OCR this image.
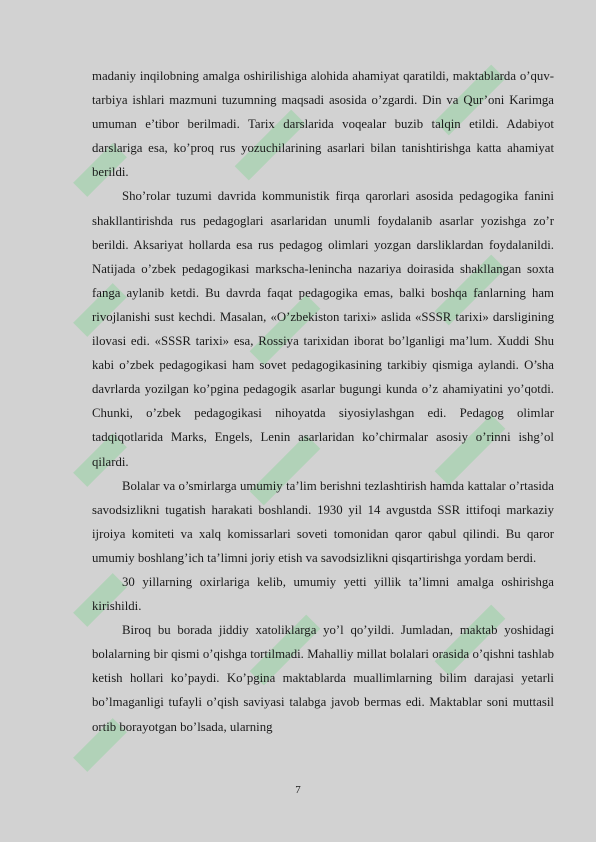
madaniy inqilobning amalga oshirilishiga alohida ahamiyat qaratildi, maktablarda o’quv-tarbiya ishlari mazmuni tuzumning maqsadi asosida o’zgardi. Din va Qur’oni Karimga umuman e’tibor berilmadi. Tarix darslarida voqealar buzib talqin etildi. Adabiyot darslariga esa, ko’proq rus yozuchilarining asarlari bilan tanishtirishga katta ahamiyat berildi.

Sho’rolar tuzumi davrida kommunistik firqa qarorlari asosida pedagogika fanini shakllantirishda rus pedagoglari asarlaridan unumli foydalanib asarlar yozishga zo’r berildi. Aksariyat hollarda esa rus pedagog olimlari yozgan darsliklardan foydalanildi. Natijada o’zbek pedagogikasi markscha-lenincha nazariya doirasida shakllangan soxta fanga aylanib ketdi. Bu davrda faqat pedagogika emas, balki boshqa fanlarning ham rivojlanishi sust kechdi. Masalan, «O’zbekiston tarixi» aslida «SSSR tarixi» darsligining ilovasi edi. «SSSR tarixi» esa, Rossiya tarixidan iborat bo’lganligi ma’lum. Xuddi Shu kabi o’zbek pedagogikasi ham sovet pedagogikasining tarkibiy qismiga aylandi. O’sha davrlarda yozilgan ko’pgina pedagogik asarlar bugungi kunda o’z ahamiyatini yo’qotdi. Chunki, o’zbek pedagogikasi nihoyatda siyosiylashgan edi. Pedagog olimlar tadqiqotlarida Marks, Engels, Lenin asarlaridan ko’chirmalar asosiy o’rinni ishg’ol qilardi.

Bolalar va o’smirlarga umumiy ta’lim berishni tezlashtirish hamda kattalar o’rtasida savodsizlikni tugatish harakati boshlandi. 1930 yil 14 avgustda SSR ittifoqi markaziy ijroiya komiteti va xalq komissarlari soveti tomonidan qaror qabul qilindi. Bu qaror umumiy boshlang’ich ta’limni joriy etish va savodsizlikni qisqartirishga yordam berdi.

30 yillarning oxirlariga kelib, umumiy yetti yillik ta’limni amalga oshirishga kirishildi.

Biroq bu borada jiddiy xatoliklarga yo’l qo’yildi. Jumladan, maktab yoshidagi bolalarning bir qismi o’qishga tortilmadi. Mahalliy millat bolalari orasida o’qishni tashlab ketish hollari ko’paydi. Ko’pgina maktablarda muallimlarning bilim darajasi yetarli bo’lmaganligi tufayli o’qish saviyasi talabga javob bermas edi. Maktablar soni muttasil ortib borayotgan bo’lsada, ularning

7
